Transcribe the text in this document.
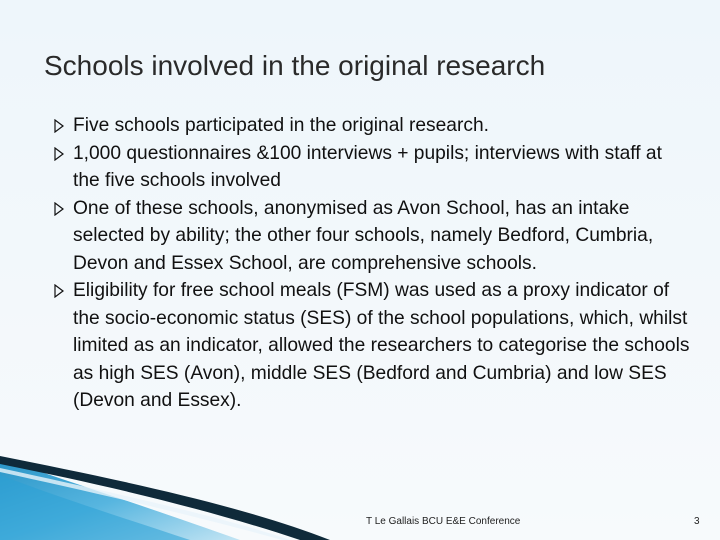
Schools involved in the original research
Five schools participated in the original research.
1,000 questionnaires &100 interviews + pupils; interviews with staff at the five schools involved
One of these schools, anonymised as Avon School, has an intake selected by ability; the other four schools, namely Bedford, Cumbria, Devon and Essex School, are comprehensive schools.
Eligibility for free school meals (FSM) was used as a proxy indicator of the socio-economic status (SES) of the school populations, which, whilst limited as an indicator, allowed the researchers to categorise the schools as high SES (Avon), middle SES (Bedford and Cumbria) and low SES (Devon and Essex).
T Le Gallais BCU E&E Conference	3
